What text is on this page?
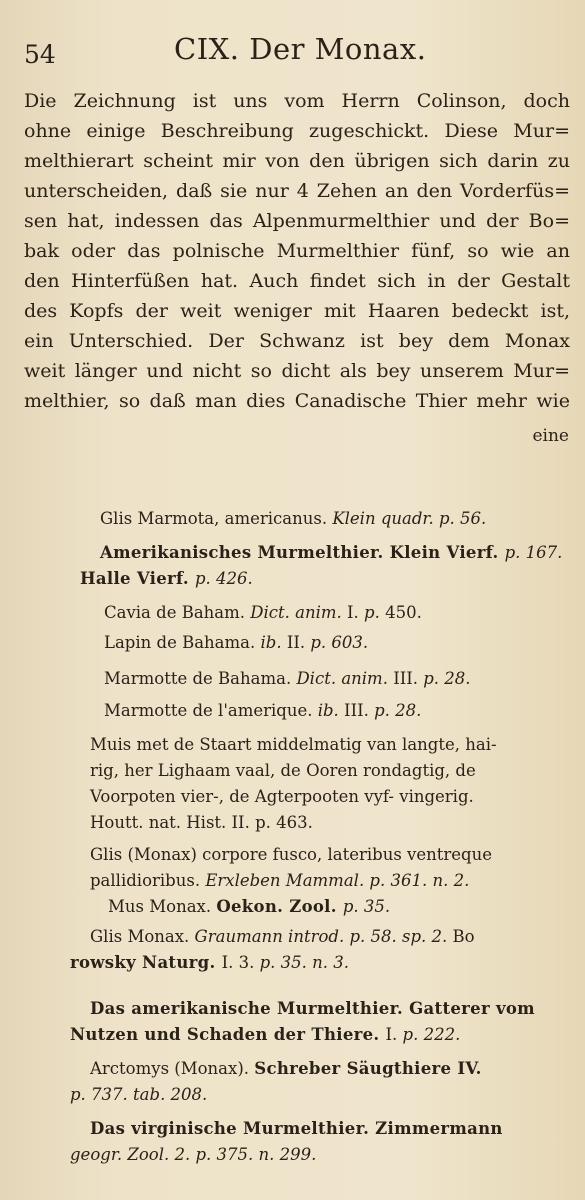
54	CIX. Der Monax.
Die Zeichnung ist uns vom Herrn Colinson, doch
ohne einige Beschreibung zugeschickt. Diese Mur=
melthierart scheint mir von den übrigen sich darin zu
unterscheiden, daß sie nur 4 Zehen an den Vorderfüs=
sen hat, indessen das Alpenmurmelthier und der Bo=
bak oder das polnische Murmelthier fünf, so wie an
den Hinterfüßen hat. Auch findet sich in der Gestalt
des Kopfs der weit weniger mit Haaren bedeckt ist,
ein Unterschied. Der Schwanz ist bey dem Monax
weit länger und nicht so dicht als bey unserem Mur=
melthier, so daß man dies Canadische Thier mehr wie
eine
Glis Marmota, americanus. Klein quadr. p. 56.
Amerikanisches Murmelthier. Klein Vierf. p. 167.
Halle Vierf. p. 426.
Cavia de Baham. Dict. anim. I. p. 450.
Lapin de Bahama. ib. II. p. 603.
Marmotte de Bahama. Dict. anim. III. p. 28.
Marmotte de l'amerique. ib. III. p. 28.
Muis met de Staart middelmatig van langte, hai-
rig, her Lighaam vaal, de Ooren rondagtig, de
Voorpoten vier-, de Agterpooten vyf- vingerig.
Houtt. nat. Hist. II. p. 463.
Glis (Monax) corpore fusco, lateribus ventreque
pallidioribus. Erxleben Mammal. p. 361. n. 2.
Mus Monax. Oekon. Zool. p. 35.
Glis Monax. Graumann introd. p. 58. sp. 2. Bo
rowsky Naturg. I. 3. p. 35. n. 3.
Das amerikanische Murmelthier. Gatterer vom
Nutzen und Schaden der Thiere. I. p. 222.
Arctomys (Monax). Schreber Säugthiere IV.
p. 737. tab. 208.
Das virginische Murmelthier. Zimmermann
geogr. Zool. 2. p. 375. n. 299.
